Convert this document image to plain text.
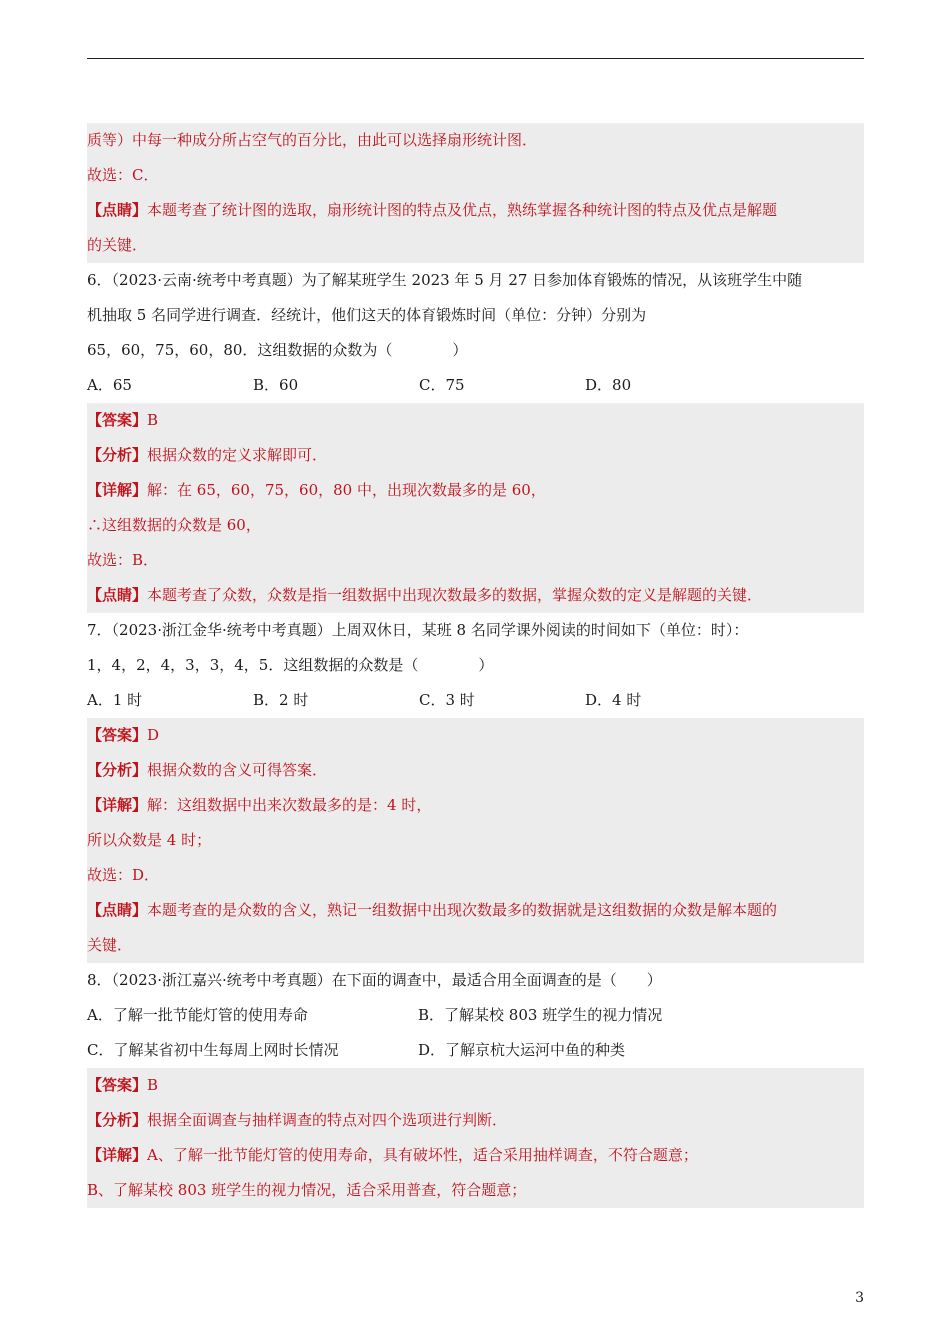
质等）中每一种成分所占空气的百分比，由此可以选择扇形统计图．
故选：C．
【点睛】本题考查了统计图的选取，扇形统计图的特点及优点，熟练掌握各种统计图的特点及优点是解题
的关键．
6．（2023·云南·统考中考真题）为了解某班学生 2023 年 5 月 27 日参加体育锻炼的情况，从该班学生中随
机抽取 5 名同学进行调查．经统计，他们这天的体育锻炼时间（单位：分钟）分别为
65，60，75，60，80．这组数据的众数为（　　　　）
A．65	B．60	C．75	D．80
【答案】B
【分析】根据众数的定义求解即可．
【详解】解：在 65，60，75，60，80 中，出现次数最多的是 60，
∴这组数据的众数是 60，
故选：B．
【点睛】本题考查了众数，众数是指一组数据中出现次数最多的数据，掌握众数的定义是解题的关键．
7．（2023·浙江金华·统考中考真题）上周双休日，某班 8 名同学课外阅读的时间如下（单位：时）：
1，4，2，4，3，3，4，5．这组数据的众数是（　　　　）
A．1 时	B．2 时	C．3 时	D．4 时
【答案】D
【分析】根据众数的含义可得答案．
【详解】解：这组数据中出来次数最多的是：4 时，
所以众数是 4 时；
故选：D．
【点睛】本题考查的是众数的含义，熟记一组数据中出现次数最多的数据就是这组数据的众数是解本题的
关键．
8．（2023·浙江嘉兴·统考中考真题）在下面的调查中，最适合用全面调查的是（　　）
A．了解一批节能灯管的使用寿命	B．了解某校 803 班学生的视力情况
C．了解某省初中生每周上网时长情况	D．了解京杭大运河中鱼的种类
【答案】B
【分析】根据全面调查与抽样调查的特点对四个选项进行判断．
【详解】A、了解一批节能灯管的使用寿命，具有破坏性，适合采用抽样调查，不符合题意；
B、了解某校 803 班学生的视力情况，适合采用普查，符合题意；
3
